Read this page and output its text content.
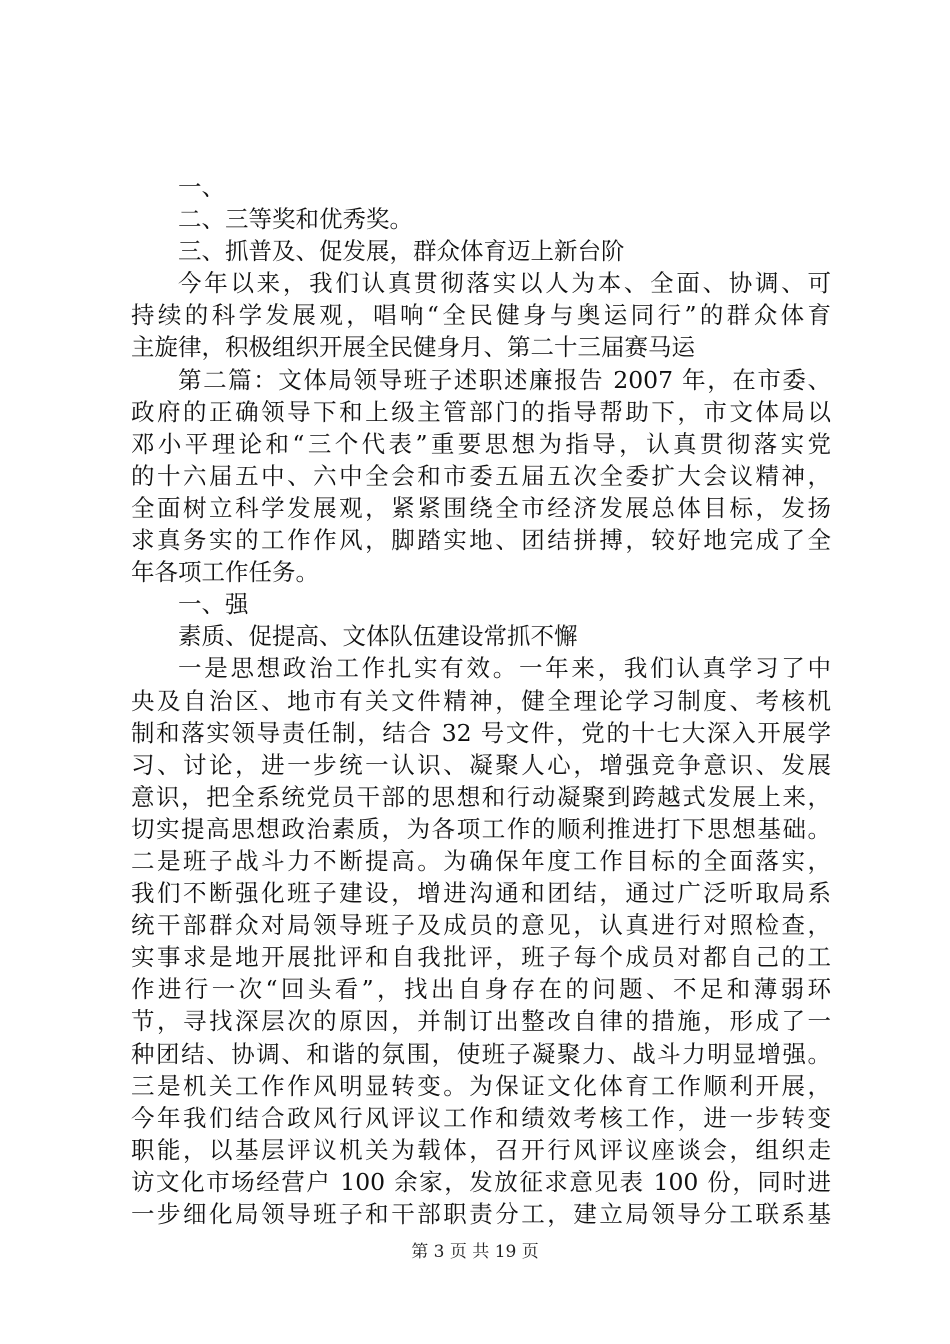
一、
二、三等奖和优秀奖。
三、抓普及、促发展，群众体育迈上新台阶
今年以来，我们认真贯彻落实以人为本、全面、协调、可
持续的科学发展观，唱响“全民健身与奥运同行”的群众体育
主旋律，积极组织开展全民健身月、第二十三届赛马运
第二篇：文体局领导班子述职述廉报告 2007 年，在市委、
政府的正确领导下和上级主管部门的指导帮助下，市文体局以
邓小平理论和“三个代表”重要思想为指导，认真贯彻落实党
的十六届五中、六中全会和市委五届五次全委扩大会议精神，
全面树立科学发展观，紧紧围绕全市经济发展总体目标，发扬
求真务实的工作作风，脚踏实地、团结拼搏，较好地完成了全
年各项工作任务。
一、强
素质、促提高、文体队伍建设常抓不懈
一是思想政治工作扎实有效。一年来，我们认真学习了中
央及自治区、地市有关文件精神，健全理论学习制度、考核机
制和落实领导责任制，结合 32 号文件，党的十七大深入开展学
习、讨论，进一步统一认识、凝聚人心，增强竞争意识、发展
意识，把全系统党员干部的思想和行动凝聚到跨越式发展上来，
切实提高思想政治素质，为各项工作的顺利推进打下思想基础。
二是班子战斗力不断提高。为确保年度工作目标的全面落实，
我们不断强化班子建设，增进沟通和团结，通过广泛听取局系
统干部群众对局领导班子及成员的意见，认真进行对照检查，
实事求是地开展批评和自我批评，班子每个成员对都自己的工
作进行一次“回头看”，找出自身存在的问题、不足和薄弱环
节，寻找深层次的原因，并制订出整改自律的措施，形成了一
种团结、协调、和谐的氛围，使班子凝聚力、战斗力明显增强。
三是机关工作作风明显转变。为保证文化体育工作顺利开展，
今年我们结合政风行风评议工作和绩效考核工作，进一步转变
职能，以基层评议机关为载体，召开行风评议座谈会，组织走
访文化市场经营户 100 余家，发放征求意见表 100 份，同时进
一步细化局领导班子和干部职责分工，建立局领导分工联系基
第 3 页 共 19 页
